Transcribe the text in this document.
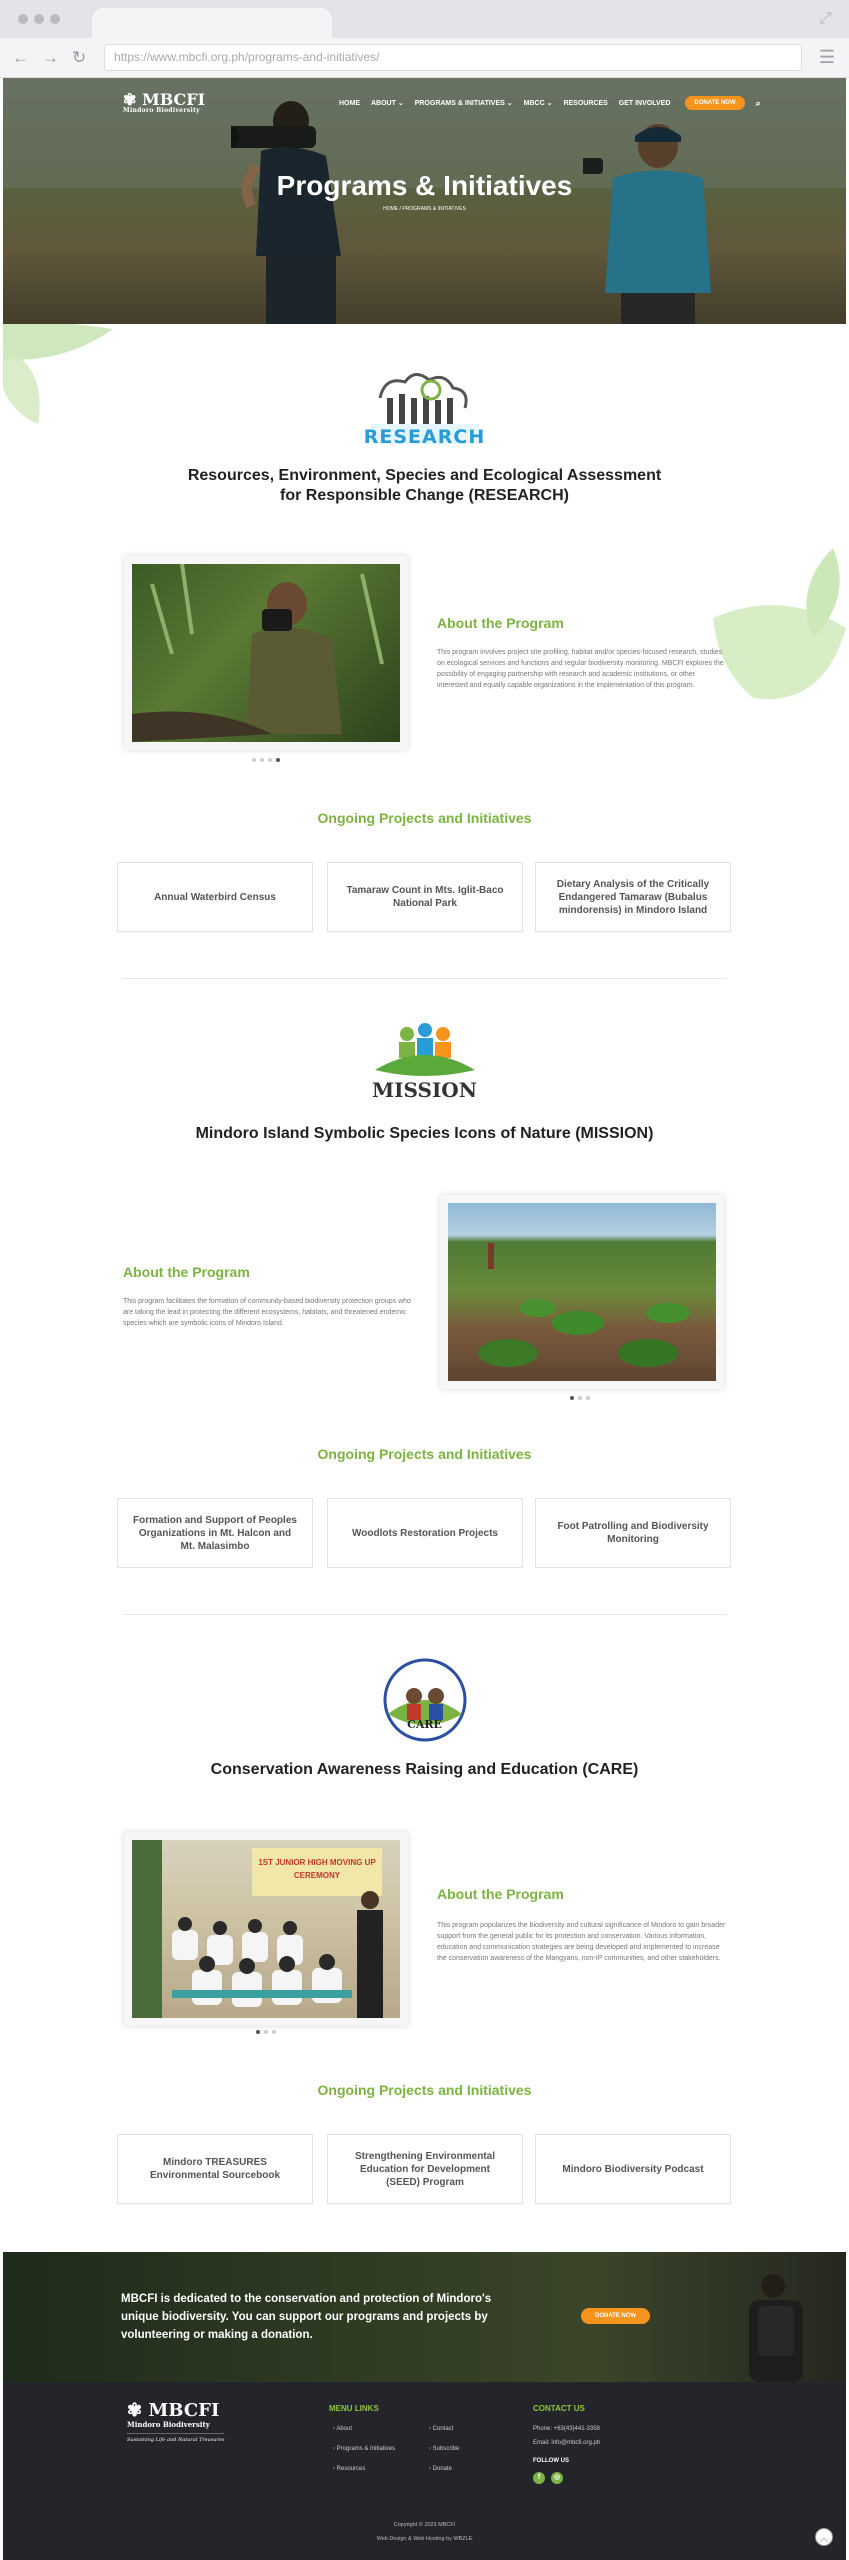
⤢
← → ↻	https://www.mbcfi.org.ph/programs-and-initiatives/	☰
✾ MBCFI
Mindoro Biodiversity
HOME ABOUT ⌄ PROGRAMS & INITIATIVES ⌄ MBCC ⌄ RESOURCES GET INVOLVED	DONATE NOW	⌕
Programs & Initiatives
HOME / PROGRAMS & INITIATIVES
RESEARCH
Resources, Environment, Species and Ecological Assessment
for Responsible Change (RESEARCH)
About the Program
This program involves project site profiling, habitat and/or species-focused research, studies on ecological services and functions and regular biodiversity monitoring. MBCFI explores the possibility of engaging partnership with research and academic institutions, or other interested and equally capable organizations in the implementation of this program.
Ongoing Projects and Initiatives
Annual Waterbird Census
Tamaraw Count in Mts. Iglit-Baco National Park
Dietary Analysis of the Critically Endangered Tamaraw (Bubalus mindorensis) in Mindoro Island
MISSION
Mindoro Island Symbolic Species Icons of Nature (MISSION)
About the Program
This program facilitates the formation of community-based biodiversity protection groups who are taking the lead in protecting the different ecosystems, habitats, and threatened endemic species which are symbolic icons of Mindoro Island.
Ongoing Projects and Initiatives
Formation and Support of Peoples Organizations in Mt. Halcon and Mt. Malasimbo
Woodlots Restoration Projects
Foot Patrolling and Biodiversity Monitoring
CARE
Conservation Awareness Raising and Education (CARE)
1ST JUNIOR HIGH MOVING UP CEREMONY
About the Program
This program popularizes the biodiversity and cultural significance of Mindoro to gain broader support from the general public for its protection and conservation. Various information, education and communication strategies are being developed and implemented to increase the conservation awareness of the Mangyans, non-IP communities, and other stakeholders.
Ongoing Projects and Initiatives
Mindoro TREASURES Environmental Sourcebook
Strengthening Environmental Education for Development (SEED) Program
Mindoro Biodiversity Podcast
MBCFI is dedicated to the conservation and protection of Mindoro's unique biodiversity. You can support our programs and projects by volunteering or making a donation.
DONATE NOW
✾ MBCFI
Mindoro Biodiversity
Sustaining Life and Natural Treasures
MENU LINKS
› About
› Programs & Initiatives
› Resources
› Contact
› Subscribe
› Donate
CONTACT US
Phone: +63(43)441-3358
Email: info@mbcfi.org.ph
FOLLOW US
f	◎
Copyright © 2023 MBCFI
Web Design & Web Hosting by WBZLE	︿
